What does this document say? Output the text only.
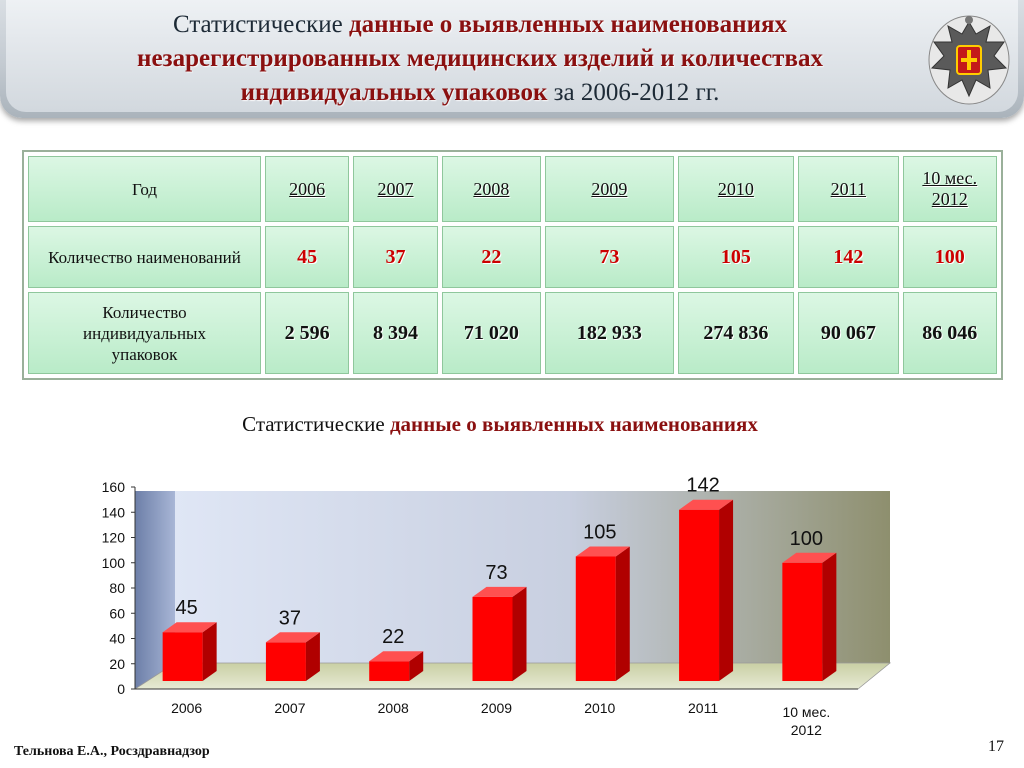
Статистические данные о выявленных наименованиях незарегистрированных медицинских изделий и количествах индивидуальных упаковок за 2006-2012 гг.
Год	2006	2007	2008	2009	2010	2011	10 мес. 2012
Количество наименований	45	37	22	73	105	142	100
Количество индивидуальных упаковок	2 596	8 394	71 020	182 933	274 836	90 067	86 046
Статистические данные о выявленных наименованиях
0
20
40
60
80
100
120
140
160
45
2006
37
2007
22
2008
73
2009
105
2010
142
2011
100
10 мес. 2012
Тельнова Е.А., Росздравнадзор	17
